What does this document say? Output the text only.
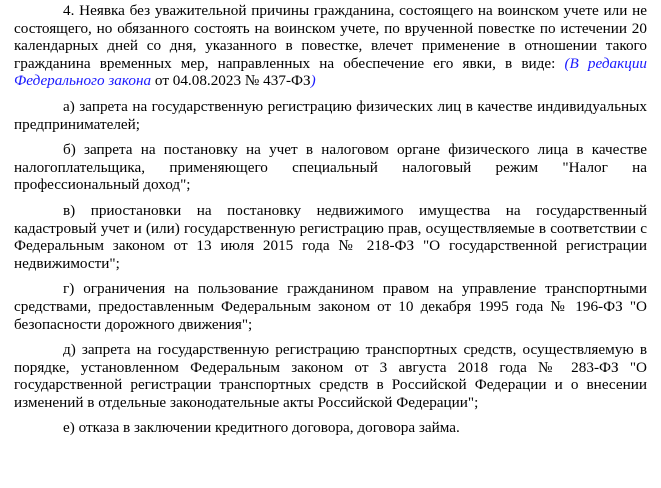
4. Неявка без уважительной причины гражданина, состоящего на воинском учете или не состоящего, но обязанного состоять на воинском учете, по врученной повестке по истечении 20 календарных дней со дня, указанного в повестке, влечет применение в отношении такого гражданина временных мер, направленных на обеспечение его явки, в виде: (В редакции Федерального закона от 04.08.2023 № 437-ФЗ)

а) запрета на государственную регистрацию физических лиц в качестве индивидуальных предпринимателей;

б) запрета на постановку на учет в налоговом органе физического лица в качестве налогоплательщика, применяющего специальный налоговый режим "Налог на профессиональный доход";

в) приостановки на постановку недвижимого имущества на государственный кадастровый учет и (или) государственную регистрацию прав, осуществляемые в соответствии с Федеральным законом от 13 июля 2015 года № 218-ФЗ "О государственной регистрации недвижимости";

г) ограничения на пользование гражданином правом на управление транспортными средствами, предоставленным Федеральным законом от 10 декабря 1995 года № 196-ФЗ "О безопасности дорожного движения";

д) запрета на государственную регистрацию транспортных средств, осуществляемую в порядке, установленном Федеральным законом от 3 августа 2018 года № 283-ФЗ "О государственной регистрации транспортных средств в Российской Федерации и о внесении изменений в отдельные законодательные акты Российской Федерации";

е) отказа в заключении кредитного договора, договора займа.
